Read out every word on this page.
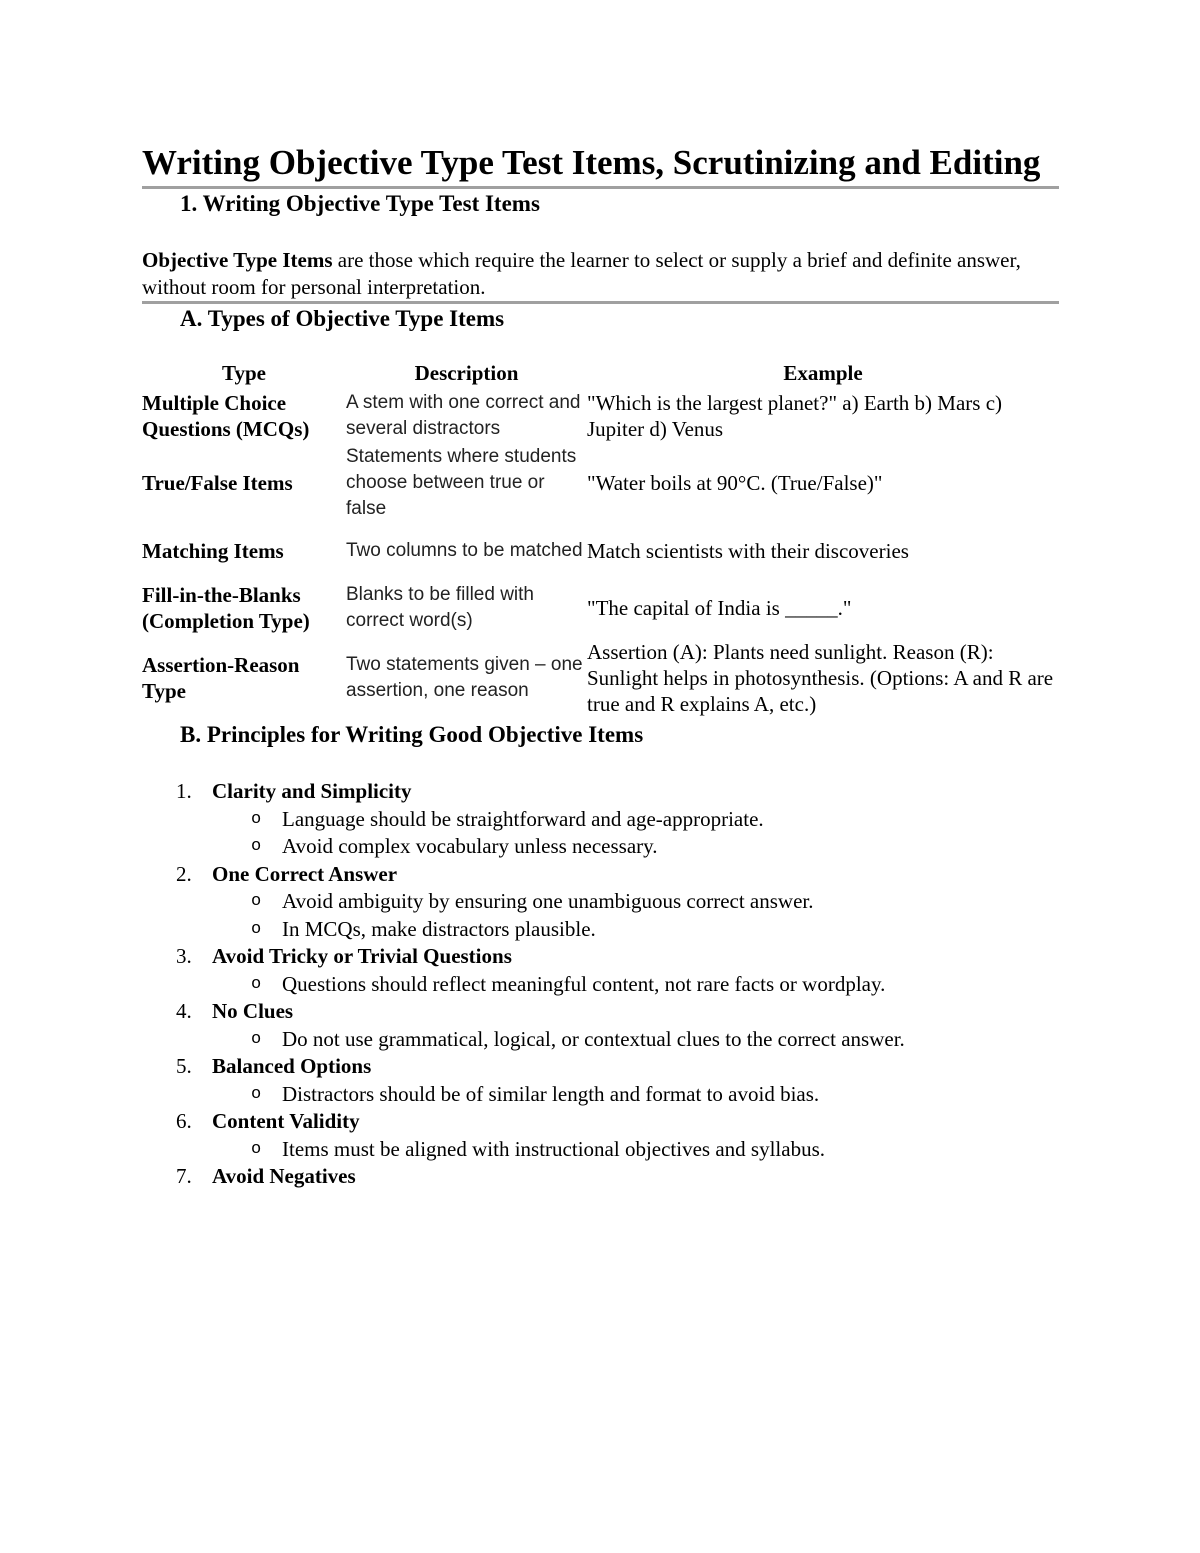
Writing Objective Type Test Items, Scrutinizing and Editing
1. Writing Objective Type Test Items

Objective Type Items are those which require the learner to select or supply a brief and definite answer, without room for personal interpretation.

A. Types of Objective Type Items
Type	Description	Example
Multiple Choice Questions (MCQs)	A stem with one correct and several distractors	"Which is the largest planet?" a) Earth b) Mars c) Jupiter d) Venus
True/False Items	Statements where students choose between true or false	"Water boils at 90°C. (True/False)"
Matching Items	Two columns to be matched	Match scientists with their discoveries
Fill-in-the-Blanks (Completion Type)	Blanks to be filled with correct word(s)	"The capital of India is _____."
Assertion-Reason Type	Two statements given – one assertion, one reason	Assertion (A): Plants need sunlight. Reason (R): Sunlight helps in photosynthesis. (Options: A and R are true and R explains A, etc.)
B. Principles for Writing Good Objective Items
1. Clarity and Simplicity
o Language should be straightforward and age-appropriate.
o Avoid complex vocabulary unless necessary.
2. One Correct Answer
o Avoid ambiguity by ensuring one unambiguous correct answer.
o In MCQs, make distractors plausible.
3. Avoid Tricky or Trivial Questions
o Questions should reflect meaningful content, not rare facts or wordplay.
4. No Clues
o Do not use grammatical, logical, or contextual clues to the correct answer.
5. Balanced Options
o Distractors should be of similar length and format to avoid bias.
6. Content Validity
o Items must be aligned with instructional objectives and syllabus.
7. Avoid Negatives
